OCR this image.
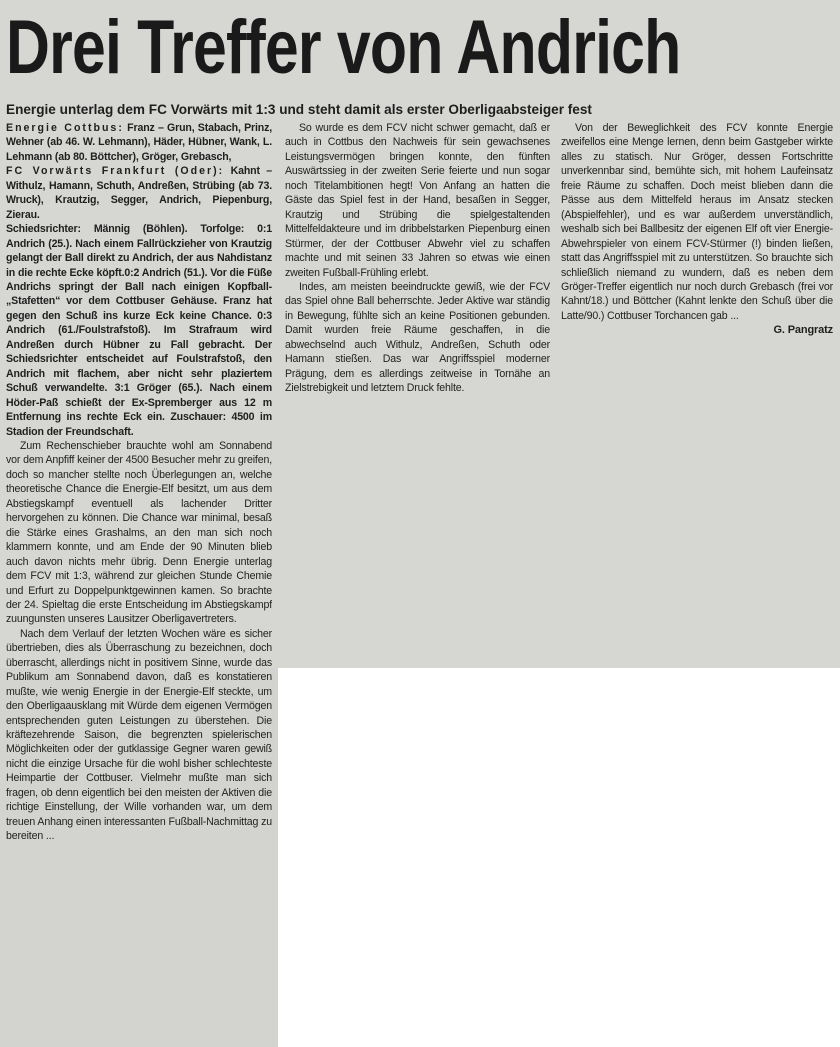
Drei Treffer von Andrich
Energie unterlag dem FC Vorwärts mit 1:3 und steht damit als erster Oberligaabsteiger fest

Energie Cottbus: Franz – Grun, Stabach, Prinz, Wehner (ab 46. W. Lehmann), Häder, Hübner, Wank, L. Lehmann (ab 80. Böttcher), Gröger, Grebasch,

FC Vorwärts Frankfurt (Oder): Kahnt – Withulz, Hamann, Schuth, Andreßen, Strübing (ab 73. Wruck), Krautzig, Segger, Andrich, Piepenburg, Zierau.

Schiedsrichter: Männig (Böhlen). Torfolge: 0:1 Andrich (25.). Nach einem Fallrückzieher von Krautzig gelangt der Ball direkt zu Andrich, der aus Nahdistanz in die rechte Ecke köpft.0:2 Andrich (51.). Vor die Füße Andrichs springt der Ball nach einigen Kopfball-„Stafetten“ vor dem Cottbuser Gehäuse. Franz hat gegen den Schuß ins kurze Eck keine Chance. 0:3 Andrich (61./Foulstrafstoß). Im Strafraum wird Andreßen durch Hübner zu Fall gebracht. Der Schiedsrichter entscheidet auf Foulstrafstoß, den Andrich mit flachem, aber nicht sehr plaziertem Schuß verwandelte. 3:1 Gröger (65.). Nach einem Höder-Paß schießt der Ex-Spremberger aus 12 m Entfernung ins rechte Eck ein. Zuschauer: 4500 im Stadion der Freundschaft.

Zum Rechenschieber brauchte wohl am Sonnabend vor dem Anpfiff keiner der 4500 Besucher mehr zu greifen, doch so mancher stellte noch Überlegungen an, welche theoretische Chance die Energie-Elf besitzt, um aus dem Abstiegskampf eventuell als lachender Dritter hervorgehen zu können. Die Chance war minimal, besaß die Stärke eines Grashalms, an den man sich noch klammern konnte, und am Ende der 90 Minuten blieb auch davon nichts mehr übrig. Denn Energie unterlag dem FCV mit 1:3, während zur gleichen Stunde Chemie und Erfurt zu Doppelpunktgewinnen kamen. So brachte der 24. Spieltag die erste Entscheidung im Abstiegskampf zuungunsten unseres Lausitzer Oberligavertreters.

Nach dem Verlauf der letzten Wochen wäre es sicher übertrieben, dies als Überraschung zu bezeichnen, doch überrascht, allerdings nicht in positivem Sinne, wurde das Publikum am Sonnabend davon, daß es konstatieren mußte, wie wenig Energie in der Energie-Elf steckte, um den Oberligaausklang mit Würde dem eigenen Vermögen entsprechenden guten Leistungen zu überstehen. Die kräftezehrende Saison, die begrenzten spielerischen Möglichkeiten oder der gutklassige Gegner waren gewiß nicht die einzige Ursache für die wohl bisher schlechteste Heimpartie der Cottbuser. Vielmehr mußte man sich fragen, ob denn eigentlich bei den meisten der Aktiven die richtige Einstellung, der Wille vorhanden war, um dem treuen Anhang einen interessanten Fußball-Nachmittag zu bereiten ...

So wurde es dem FCV nicht schwer gemacht, daß er auch in Cottbus den Nachweis für sein gewachsenes Leistungsvermögen bringen konnte, den fünften Auswärtssieg in der zweiten Serie feierte und nun sogar noch Titelambitionen hegt! Von Anfang an hatten die Gäste das Spiel fest in der Hand, besaßen in Segger, Krautzig und Strübing die spielgestaltenden Mittelfeldakteure und im dribbelstarken Piepenburg einen Stürmer, der der Cottbuser Abwehr viel zu schaffen machte und mit seinen 33 Jahren so etwas wie einen zweiten Fußball-Frühling erlebt.

Indes, am meisten beeindruckte gewiß, wie der FCV das Spiel ohne Ball beherrschte. Jeder Aktive war ständig in Bewegung, fühlte sich an keine Positionen gebunden. Damit wurden freie Räume geschaffen, in die abwechselnd auch Withulz, Andreßen, Schuth oder Hamann stießen. Das war Angriffsspiel moderner Prägung, dem es allerdings zeitweise in Tornähe an Zielstrebigkeit und letztem Druck fehlte.

Von der Beweglichkeit des FCV konnte Energie zweifellos eine Menge lernen, denn beim Gastgeber wirkte alles zu statisch. Nur Gröger, dessen Fortschritte unverkennbar sind, bemühte sich, mit hohem Laufeinsatz freie Räume zu schaffen. Doch meist blieben dann die Pässe aus dem Mittelfeld heraus im Ansatz stecken (Abspielfehler), und es war außerdem unverständlich, weshalb sich bei Ballbesitz der eigenen Elf oft vier Energie-Abwehrspieler von einem FCV-Stürmer (!) binden ließen, statt das Angriffsspiel mit zu unterstützen. So brauchte sich schließlich niemand zu wundern, daß es neben dem Gröger-Treffer eigentlich nur noch durch Grebasch (frei vor Kahnt/18.) und Böttcher (Kahnt lenkte den Schuß über die Latte/90.) Cottbuser Torchancen gab ...

G. Pangratz
